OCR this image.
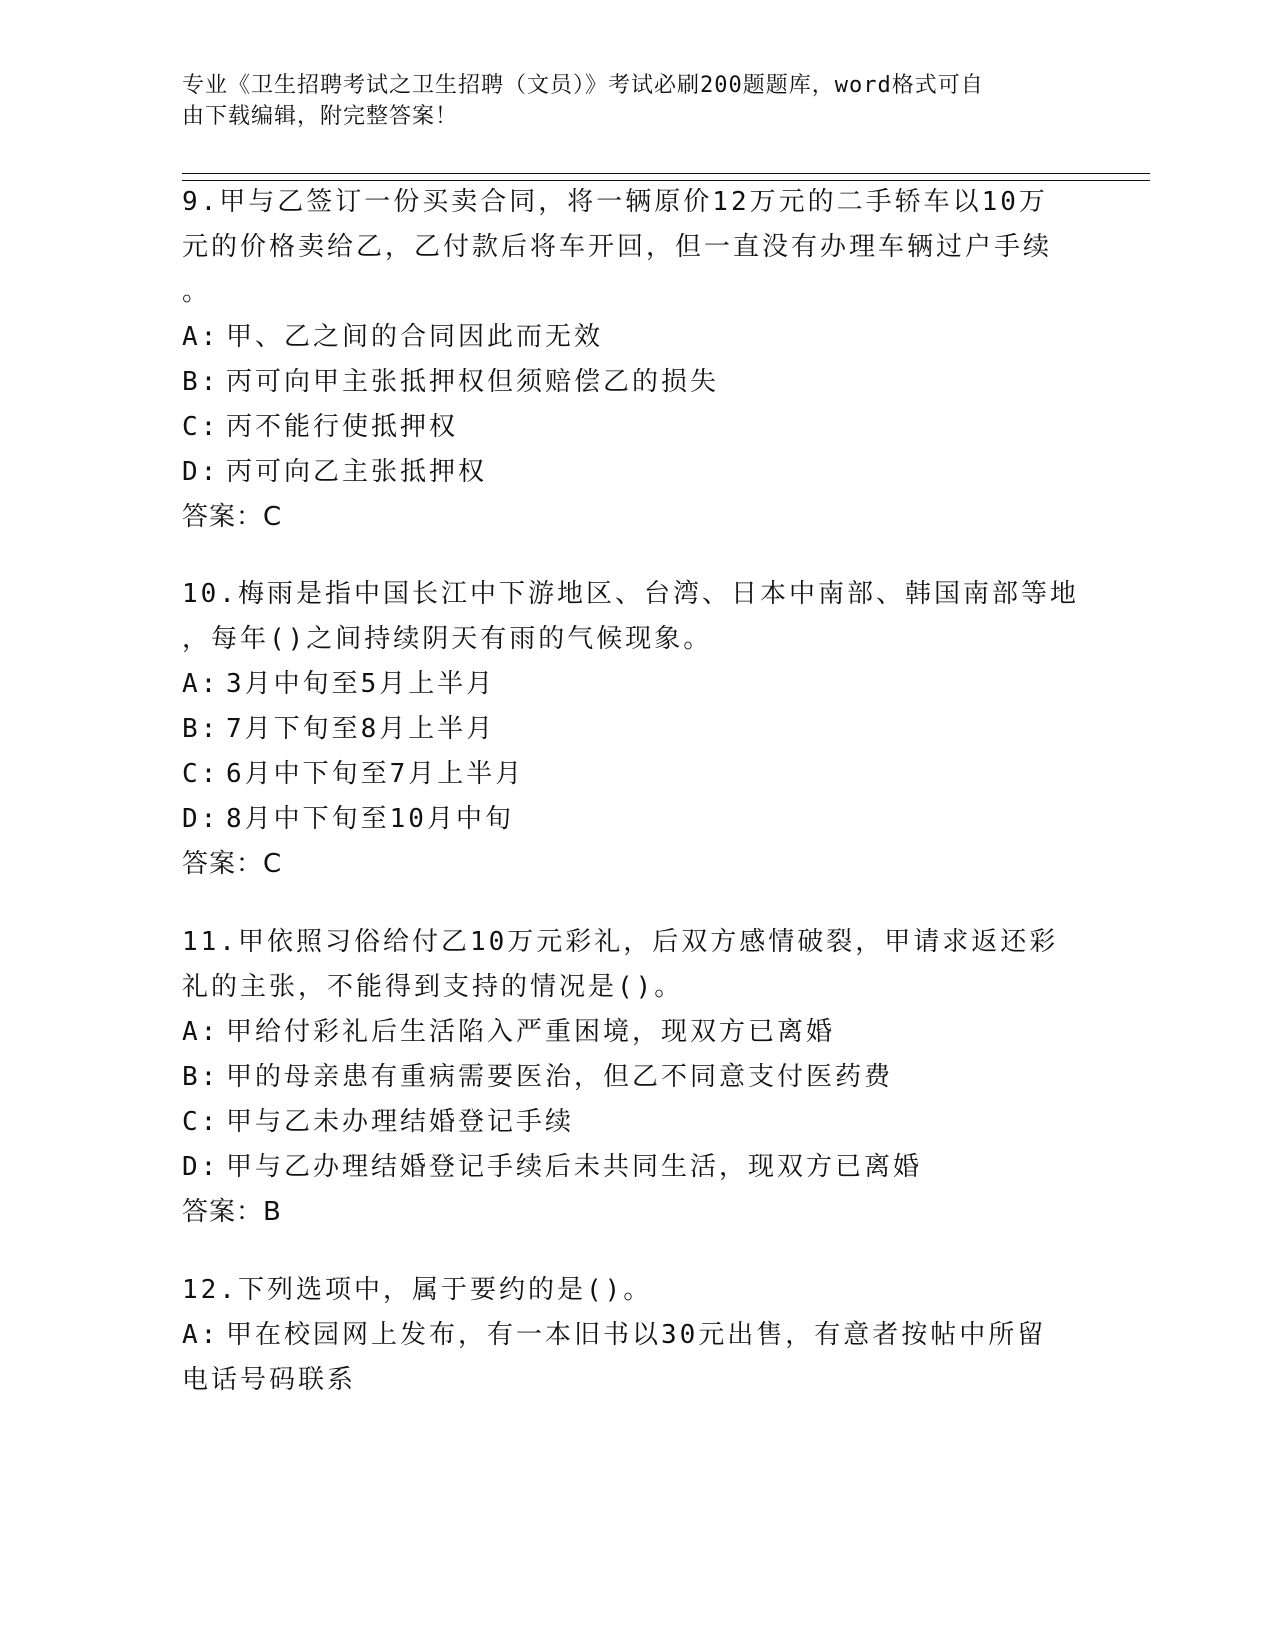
专业《卫生招聘考试之卫生招聘（文员）》考试必刷200题题库，word格式可自
由下载编辑，附完整答案！

9.甲与乙签订一份买卖合同，将一辆原价12万元的二手轿车以10万

元的价格卖给乙，乙付款后将车开回，但一直没有办理车辆过户手续

。

A: 甲、乙之间的合同因此而无效

B: 丙可向甲主张抵押权但须赔偿乙的损失

C: 丙不能行使抵押权

D: 丙可向乙主张抵押权

答案：C

10.梅雨是指中国长江中下游地区、台湾、日本中南部、韩国南部等地

，每年()之间持续阴天有雨的气候现象。

A: 3月中旬至5月上半月

B: 7月下旬至8月上半月

C: 6月中下旬至7月上半月

D: 8月中下旬至10月中旬

答案：C

11.甲依照习俗给付乙10万元彩礼，后双方感情破裂，甲请求返还彩

礼的主张，不能得到支持的情况是()。

A: 甲给付彩礼后生活陷入严重困境，现双方已离婚

B: 甲的母亲患有重病需要医治，但乙不同意支付医药费

C: 甲与乙未办理结婚登记手续

D: 甲与乙办理结婚登记手续后未共同生活，现双方已离婚

答案：B

12.下列选项中，属于要约的是()。

A: 甲在校园网上发布，有一本旧书以30元出售，有意者按帖中所留

电话号码联系
